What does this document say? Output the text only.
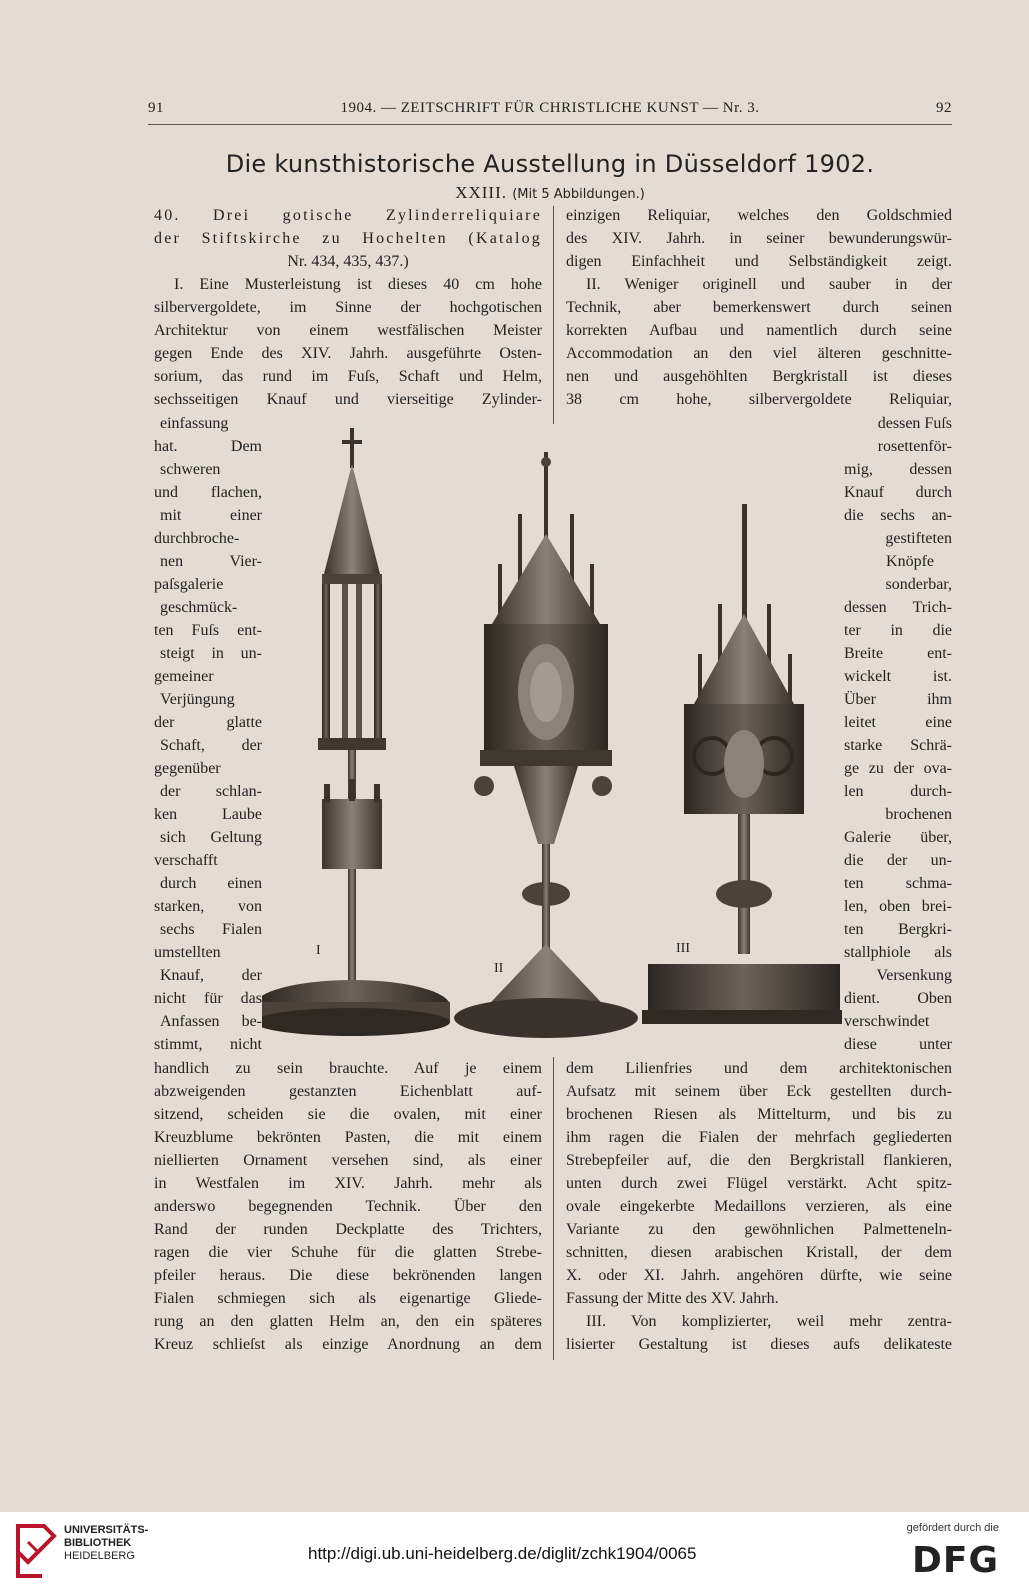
91	1904. — ZEITSCHRIFT FÜR CHRISTLICHE KUNST — Nr. 3.	92
Die kunsthistorische Ausstellung in Düsseldorf 1902.
XXIII. (Mit 5 Abbildungen.)

40. Drei gotische Zylinderreliquiare

der Stiftskirche zu Hochelten (Katalog

Nr. 434, 435, 437.)

I. Eine Musterleistung ist dieses 40 cm hohe

silbervergoldete, im Sinne der hochgotischen

Architektur von einem westfälischen Meister

gegen Ende des XIV. Jahrh. ausgeführte Osten-

sorium, das rund im Fuſs, Schaft und Helm,

sechsseitigen Knauf und vierseitige Zylinder-

einzigen Reliquiar, welches den Goldschmied

des XIV. Jahrh. in seiner bewunderungswür-

digen Einfachheit und Selbständigkeit zeigt.

II. Weniger originell und sauber in der

Technik, aber bemerkenswert durch seinen

korrekten Aufbau und namentlich durch seine

Accommodation an den viel älteren geschnitte-

nen und ausgehöhlten Bergkristall ist dieses

38 cm hohe, silbervergoldete Reliquiar,

einfassung

hat. Dem

schweren

und flachen,

mit einer

durchbroche-

nen Vier-

paſsgalerie

geschmück-

ten Fuſs ent-

steigt in un-

gemeiner

Verjüngung

der glatte

Schaft, der

gegenüber

der schlan-

ken Laube

sich Geltung

verschafft

durch einen

starken, von

sechs Fialen

umstellten

Knauf, der

nicht für das

Anfassen be-

stimmt, nicht

I
II
III

dessen Fuſs

rosettenför-

mig, dessen

Knauf durch

die sechs an-

gestifteten

Knöpfe

sonderbar,

dessen Trich-

ter in die

Breite ent-

wickelt ist.

Über ihm

leitet eine

starke Schrä-

ge zu der ova-

len durch-

brochenen

Galerie über,

die der un-

ten schma-

len, oben brei-

ten Bergkri-

stallphiole als

Versenkung

dient. Oben

verschwindet

diese unter

handlich zu sein brauchte. Auf je einem

abzweigenden gestanzten Eichenblatt auf-

sitzend, scheiden sie die ovalen, mit einer

Kreuzblume bekrönten Pasten, die mit einem

niellierten Ornament versehen sind, als einer

in Westfalen im XIV. Jahrh. mehr als

anderswo begegnenden Technik. Über den

Rand der runden Deckplatte des Trichters,

ragen die vier Schuhe für die glatten Strebe-

pfeiler heraus. Die diese bekrönenden langen

Fialen schmiegen sich als eigenartige Gliede-

rung an den glatten Helm an, den ein späteres

Kreuz schlieſst als einzige Anordnung an dem

dem Lilienfries und dem architektonischen

Aufsatz mit seinem über Eck gestellten durch-

brochenen Riesen als Mittelturm, und bis zu

ihm ragen die Fialen der mehrfach gegliederten

Strebepfeiler auf, die den Bergkristall flankieren,

unten durch zwei Flügel verstärkt. Acht spitz-

ovale eingekerbte Medaillons verzieren, als eine

Variante zu den gewöhnlichen Palmetteneln-

schnitten, diesen arabischen Kristall, der dem

X. oder XI. Jahrh. angehören dürfte, wie seine

Fassung der Mitte des XV. Jahrh.

III. Von komplizierter, weil mehr zentra-

lisierter Gestaltung ist dieses aufs delikateste

UNIVERSITÄTS-
BIBLIOTHEK
HEIDELBERG	http://digi.ub.uni-heidelberg.de/diglit/zchk1904/0065
gefördert durch die
DFG
